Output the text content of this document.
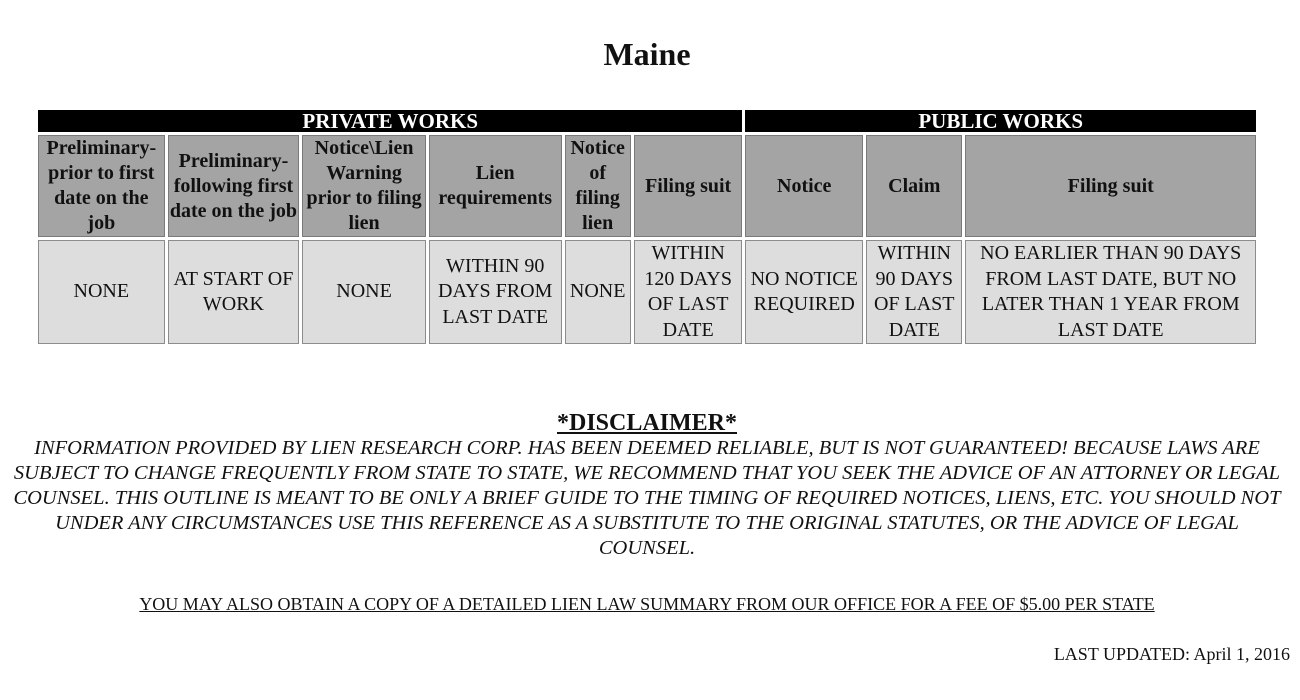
Maine
PRIVATE WORKS						PUBLIC WORKS		
Preliminary-prior to first date on the job	Preliminary-following first date on the job	Notice\Lien Warning prior to filing lien	Lien requirements	Notice of filing lien	Filing suit	Notice	Claim	Filing suit
NONE	AT START OF WORK	NONE	WITHIN 90 DAYS FROM LAST DATE	NONE	WITHIN 120 DAYS OF LAST DATE	NO NOTICE REQUIRED	WITHIN 90 DAYS OF LAST DATE	NO EARLIER THAN 90 DAYS FROM LAST DATE, BUT NO LATER THAN 1 YEAR FROM LAST DATE
*DISCLAIMER*
INFORMATION PROVIDED BY LIEN RESEARCH CORP. HAS BEEN DEEMED RELIABLE, BUT IS NOT GUARANTEED! BECAUSE LAWS ARE SUBJECT TO CHANGE FREQUENTLY FROM STATE TO STATE, WE RECOMMEND THAT YOU SEEK THE ADVICE OF AN ATTORNEY OR LEGAL COUNSEL. THIS OUTLINE IS MEANT TO BE ONLY A BRIEF GUIDE TO THE TIMING OF REQUIRED NOTICES, LIENS, ETC. YOU SHOULD NOT UNDER ANY CIRCUMSTANCES USE THIS REFERENCE AS A SUBSTITUTE TO THE ORIGINAL STATUTES, OR THE ADVICE OF LEGAL COUNSEL.
YOU MAY ALSO OBTAIN A COPY OF A DETAILED LIEN LAW SUMMARY FROM OUR OFFICE FOR A FEE OF $5.00 PER STATE
LAST UPDATED: April 1, 2016
